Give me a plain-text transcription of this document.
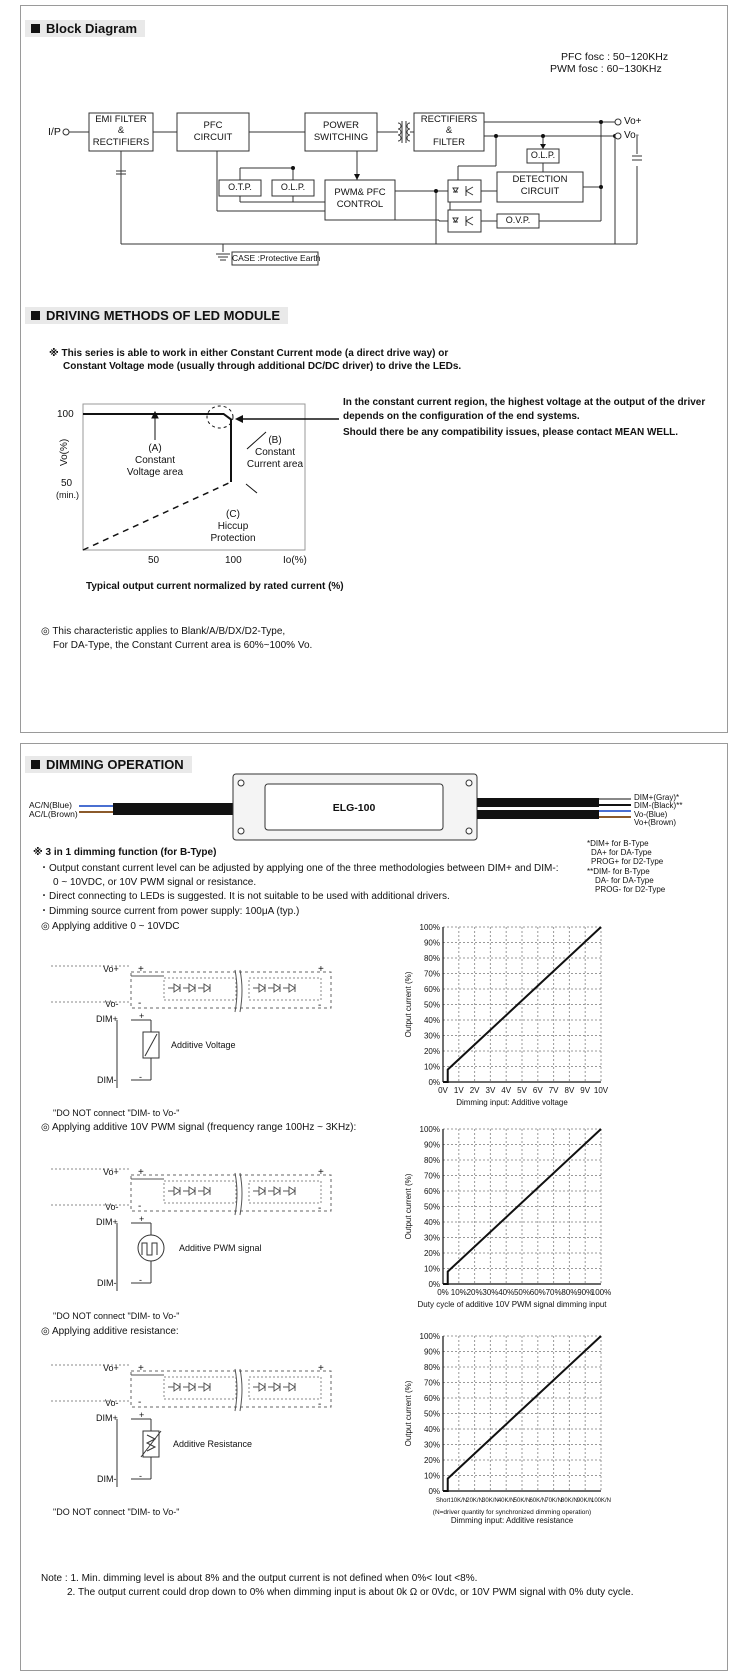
Block Diagram
PFC fosc : 50~120KHz
PWM fosc : 60~130KHz
I/P
EMI FILTER
&
RECTIFIERS
PFC
CIRCUIT
POWER
SWITCHING
RECTIFIERS
&
FILTER
O.T.P.	O.L.P.	PWM& PFC
CONTROL
O.L.P.
DETECTION
CIRCUIT
O.V.P.
Vo+
Vo-
CASE :Protective Earth
DRIVING METHODS OF LED MODULE
※ This series is able to work in either Constant Current mode (a direct drive way) or
Constant Voltage mode (usually through additional DC/DC driver) to drive the LEDs.
100
50
(min.)
Vo(%)
50	100	Io(%)
(A)
Constant
Voltage area
(B)
Constant
Current area
(C)
Hiccup
Protection
Typical output current normalized by rated current (%)
In the constant current region, the highest voltage at the output of the driver
depends on the configuration of the end systems.
Should there be any compatibility issues, please contact MEAN WELL.
◎ This characteristic applies to Blank/A/B/DX/D2-Type,
For DA-Type, the Constant Current area is 60%~100% Vo.
DIMMING OPERATION
AC/N(Blue)
AC/L(Brown)	ELG-100
DIM+(Gray)*
DIM-(Black)**
Vo-(Blue)
Vo+(Brown)
*DIM+ for B-Type
DA+ for DA-Type
PROG+ for D2-Type
**DIM- for B-Type
DA- for DA-Type
PROG- for D2-Type
※ 3 in 1 dimming function (for B-Type)
・Output constant current level can be adjusted by applying one of the three methodologies between DIM+ and DIM-:
0 ~ 10VDC, or 10V PWM signal or resistance.
・Direct connecting to LEDs is suggested. It is not suitable to be used with additional drivers.
・Dimming source current from power supply: 100μA (typ.)
◎ Applying additive 0 ~ 10VDC
◎ Applying additive 10V PWM signal (frequency range 100Hz ~ 3KHz):
◎ Applying additive resistance:
Vo+
Vo-
DIM+
DIM-
+
-
+
-
+
-
Additive Voltage
"DO NOT connect "DIM- to Vo-"
Vo+
Vo-
DIM+
DIM-
+
-
+
-
+
-
Additive PWM signal
"DO NOT connect "DIM- to Vo-"
Vo+
Vo-
DIM+
DIM-
+
-
+
-
+
-
Additive Resistance
"DO NOT connect "DIM- to Vo-"
0%
0V
10%
1V
20%
2V
30%
3V
40%
4V
50%
5V
60%
6V
70%
7V
80%
8V
90%
9V
100%
10V
Output current (%)
Dimming input: Additive voltage
0%
0%
10%
10%
20%
20%
30%
30%
40%
40%
50%
50%
60%
60%
70%
70%
80%
80%
90%
90%
100%
100%
Output current (%)
Duty cycle of additive 10V PWM signal dimming input
0%
Short
10%
10K/N
20%
20K/N
30%
30K/N
40%
40K/N
50%
50K/N
60%
60K/N
70%
70K/N
80%
80K/N
90%
90K/N
100%
100K/N
Output current (%)
(N=driver quantity for synchronized dimming operation)
Dimming input: Additive resistance
Note : 1. Min. dimming level is about 8% and the output current is not defined when 0%< Iout <8%.
2. The output current could drop down to 0% when dimming input is about 0k Ω or 0Vdc, or 10V PWM signal with 0% duty cycle.
